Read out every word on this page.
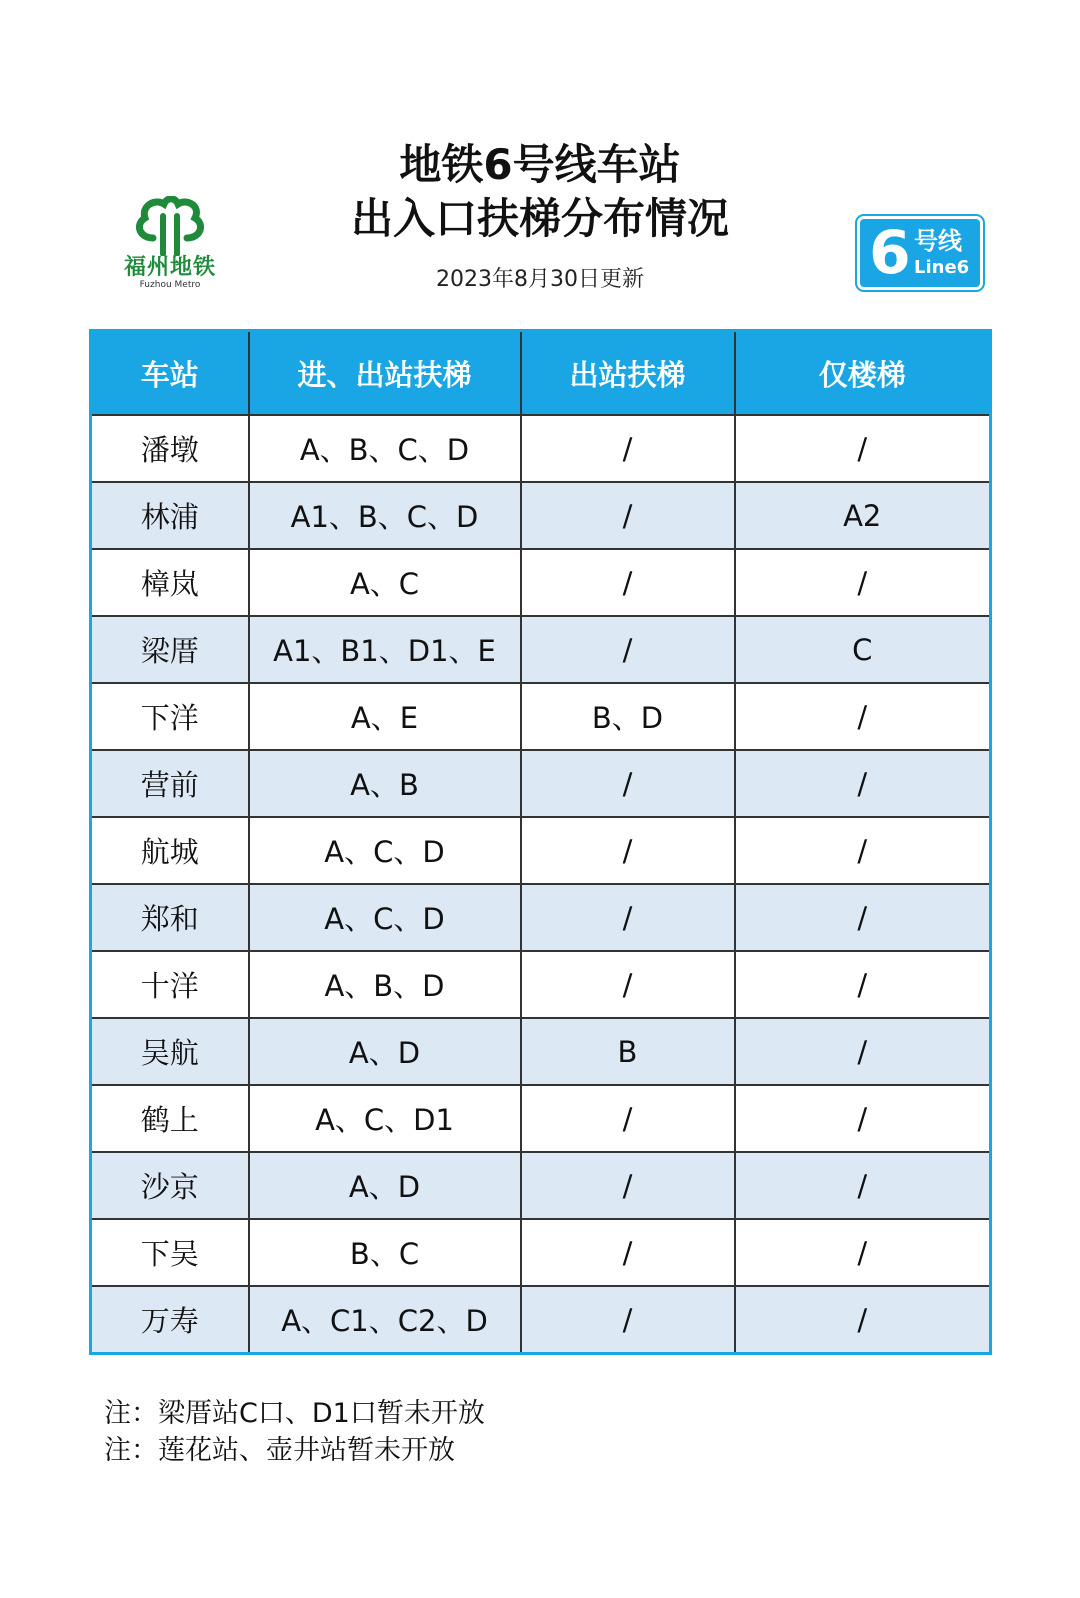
地铁6号线车站
出入口扶梯分布情况
2023年8月30日更新
福州地铁
Fuzhou Metro	6 号线
Line6
车站	进、出站扶梯	出站扶梯	仅楼梯
潘墩	A、B、C、D	/	/
林浦	A1、B、C、D	/	A2
樟岚	A、C	/	/
梁厝	A1、B1、D1、E	/	C
下洋	A、E	B、D	/
营前	A、B	/	/
航城	A、C、D	/	/
郑和	A、C、D	/	/
十洋	A、B、D	/	/
吴航	A、D	B	/
鹤上	A、C、D1	/	/
沙京	A、D	/	/
下吴	B、C	/	/
万寿	A、C1、C2、D	/	/
注：梁厝站C口、D1口暂未开放
注：莲花站、壶井站暂未开放
